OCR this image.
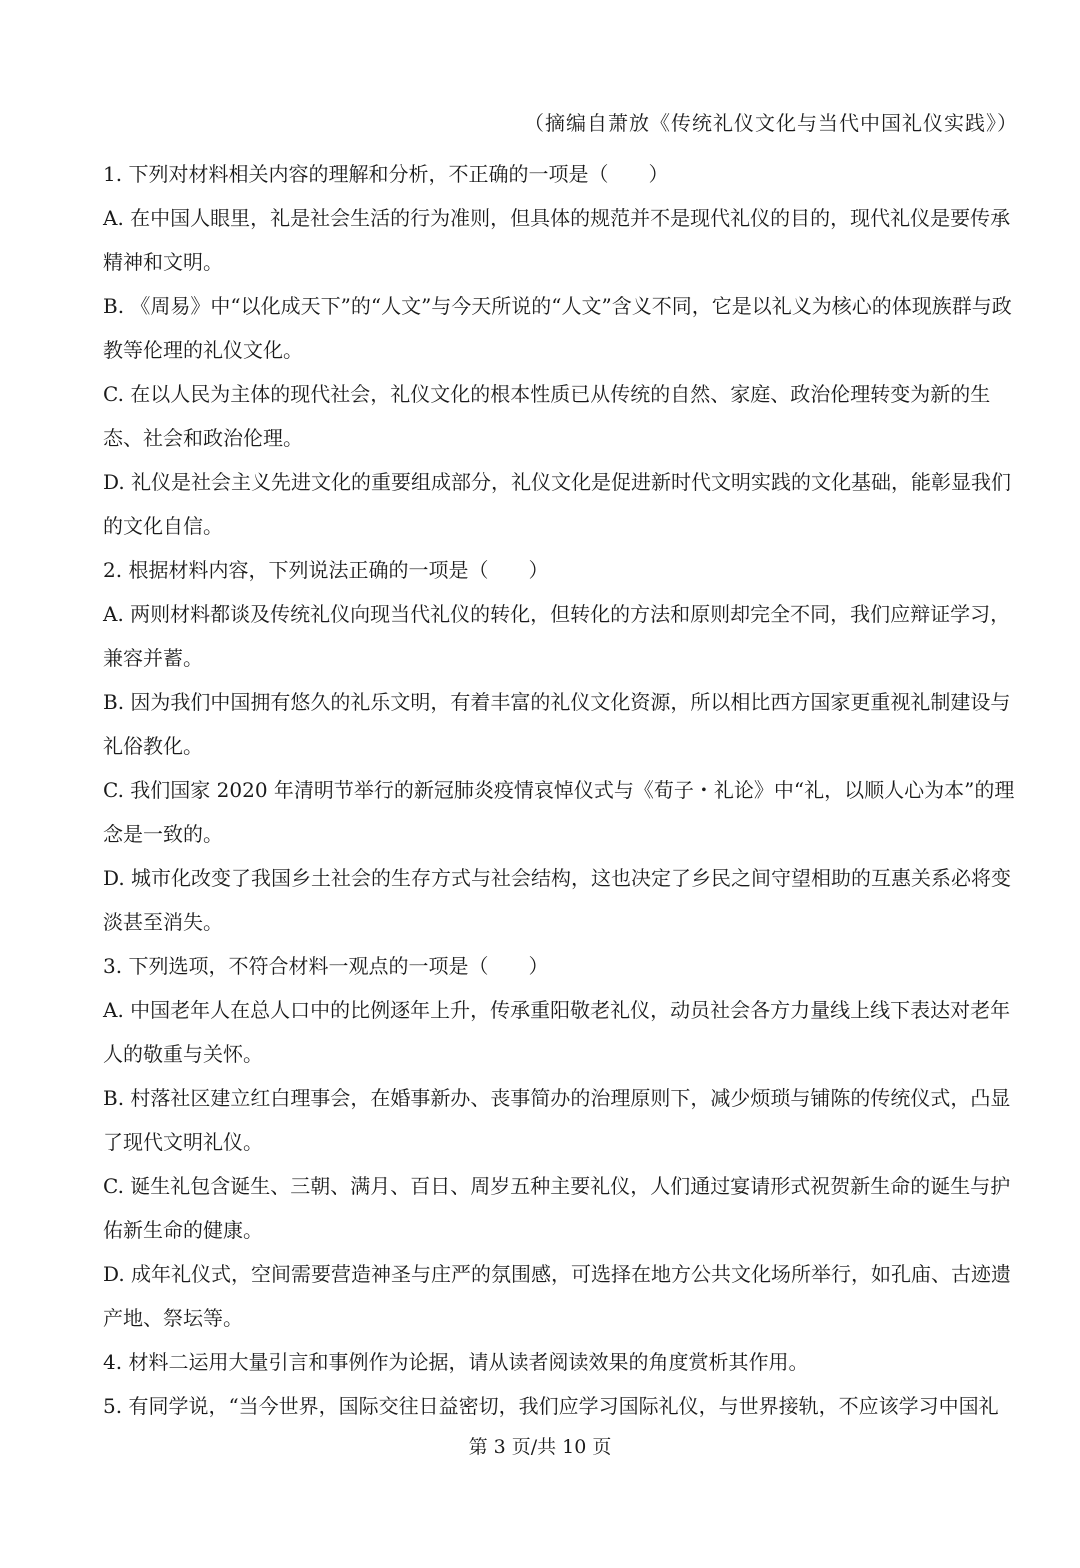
（摘编自萧放《传统礼仪文化与当代中国礼仪实践》）

1. 下列对材料相关内容的理解和分析，不正确的一项是（　　）

A. 在中国人眼里，礼是社会生活的行为准则，但具体的规范并不是现代礼仪的目的，现代礼仪是要传承精神和文明。

B. 《周易》中“以化成天下”的“人文”与今天所说的“人文”含义不同，它是以礼义为核心的体现族群与政教等伦理的礼仪文化。

C. 在以人民为主体的现代社会，礼仪文化的根本性质已从传统的自然、家庭、政治伦理转变为新的生态、社会和政治伦理。

D. 礼仪是社会主义先进文化的重要组成部分，礼仪文化是促进新时代文明实践的文化基础，能彰显我们的文化自信。

2. 根据材料内容，下列说法正确的一项是（　　）

A. 两则材料都谈及传统礼仪向现当代礼仪的转化，但转化的方法和原则却完全不同，我们应辩证学习，兼容并蓄。

B. 因为我们中国拥有悠久的礼乐文明，有着丰富的礼仪文化资源，所以相比西方国家更重视礼制建设与礼俗教化。

C. 我们国家 2020 年清明节举行的新冠肺炎疫情哀悼仪式与《荀子・礼论》中“礼，以顺人心为本”的理念是一致的。

D. 城市化改变了我国乡土社会的生存方式与社会结构，这也决定了乡民之间守望相助的互惠关系必将变淡甚至消失。

3. 下列选项，不符合材料一观点的一项是（　　）

A. 中国老年人在总人口中的比例逐年上升，传承重阳敬老礼仪，动员社会各方力量线上线下表达对老年人的敬重与关怀。

B. 村落社区建立红白理事会，在婚事新办、丧事简办的治理原则下，减少烦琐与铺陈的传统仪式，凸显了现代文明礼仪。

C. 诞生礼包含诞生、三朝、满月、百日、周岁五种主要礼仪，人们通过宴请形式祝贺新生命的诞生与护佑新生命的健康。

D. 成年礼仪式，空间需要营造神圣与庄严的氛围感，可选择在地方公共文化场所举行，如孔庙、古迹遗产地、祭坛等。

4. 材料二运用大量引言和事例作为论据，请从读者阅读效果的角度赏析其作用。

5. 有同学说，“当今世界，国际交往日益密切，我们应学习国际礼仪，与世界接轨，不应该学习中国礼

第 3 页/共 10 页
